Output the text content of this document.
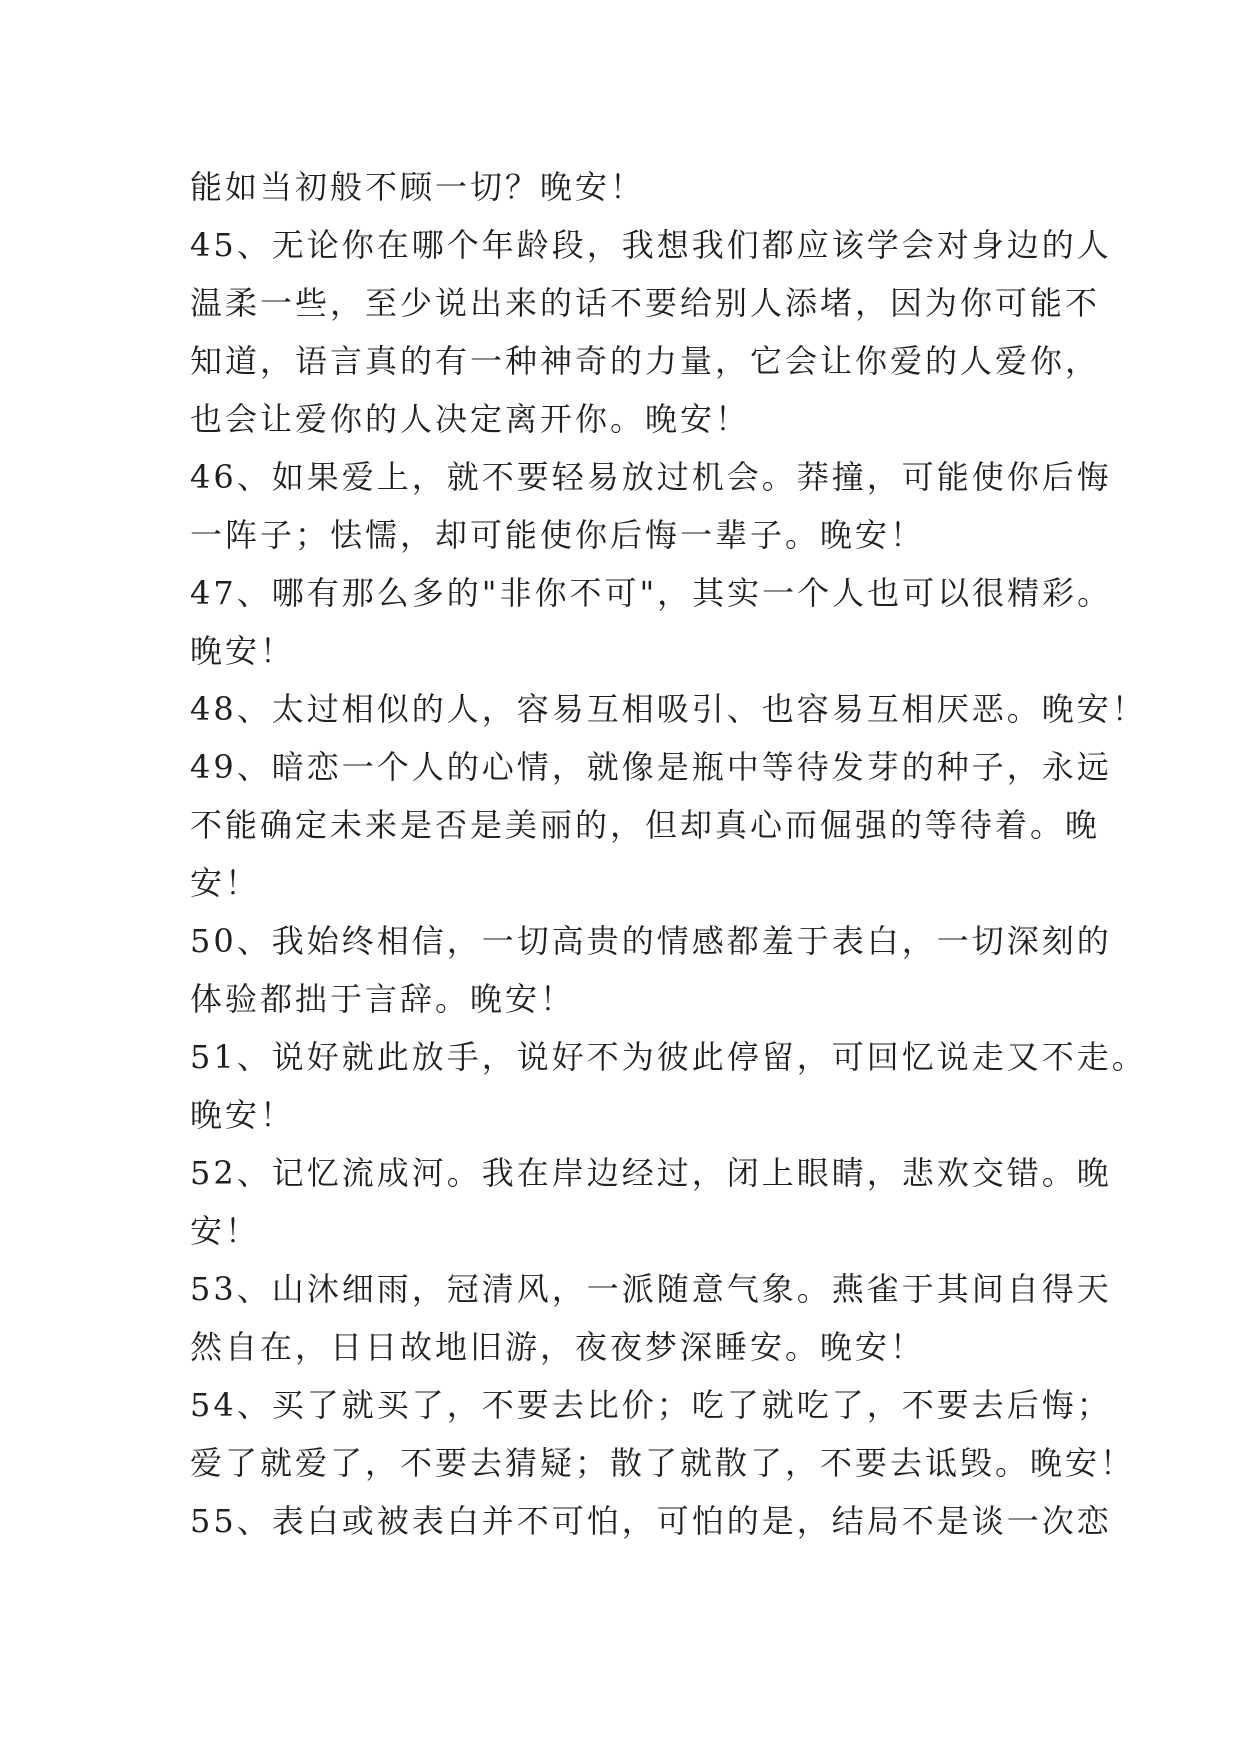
能如当初般不顾一切？晚安！
45、无论你在哪个年龄段，我想我们都应该学会对身边的人
温柔一些，至少说出来的话不要给别人添堵，因为你可能不
知道，语言真的有一种神奇的力量，它会让你爱的人爱你，
也会让爱你的人决定离开你。晚安！
46、如果爱上，就不要轻易放过机会。莽撞，可能使你后悔
一阵子；怯懦，却可能使你后悔一辈子。晚安！
47、哪有那么多的"非你不可"，其实一个人也可以很精彩。
晚安！
48、太过相似的人，容易互相吸引、也容易互相厌恶。晚安！
49、暗恋一个人的心情，就像是瓶中等待发芽的种子，永远
不能确定未来是否是美丽的，但却真心而倔强的等待着。晚
安！
50、我始终相信，一切高贵的情感都羞于表白，一切深刻的
体验都拙于言辞。晚安！
51、说好就此放手，说好不为彼此停留，可回忆说走又不走。
晚安！
52、记忆流成河。我在岸边经过，闭上眼睛，悲欢交错。晚
安！
53、山沐细雨，冠清风，一派随意气象。燕雀于其间自得天
然自在，日日故地旧游，夜夜梦深睡安。晚安！
54、买了就买了，不要去比价；吃了就吃了，不要去后悔；
爱了就爱了，不要去猜疑；散了就散了，不要去诋毁。晚安！
55、表白或被表白并不可怕，可怕的是，结局不是谈一次恋
